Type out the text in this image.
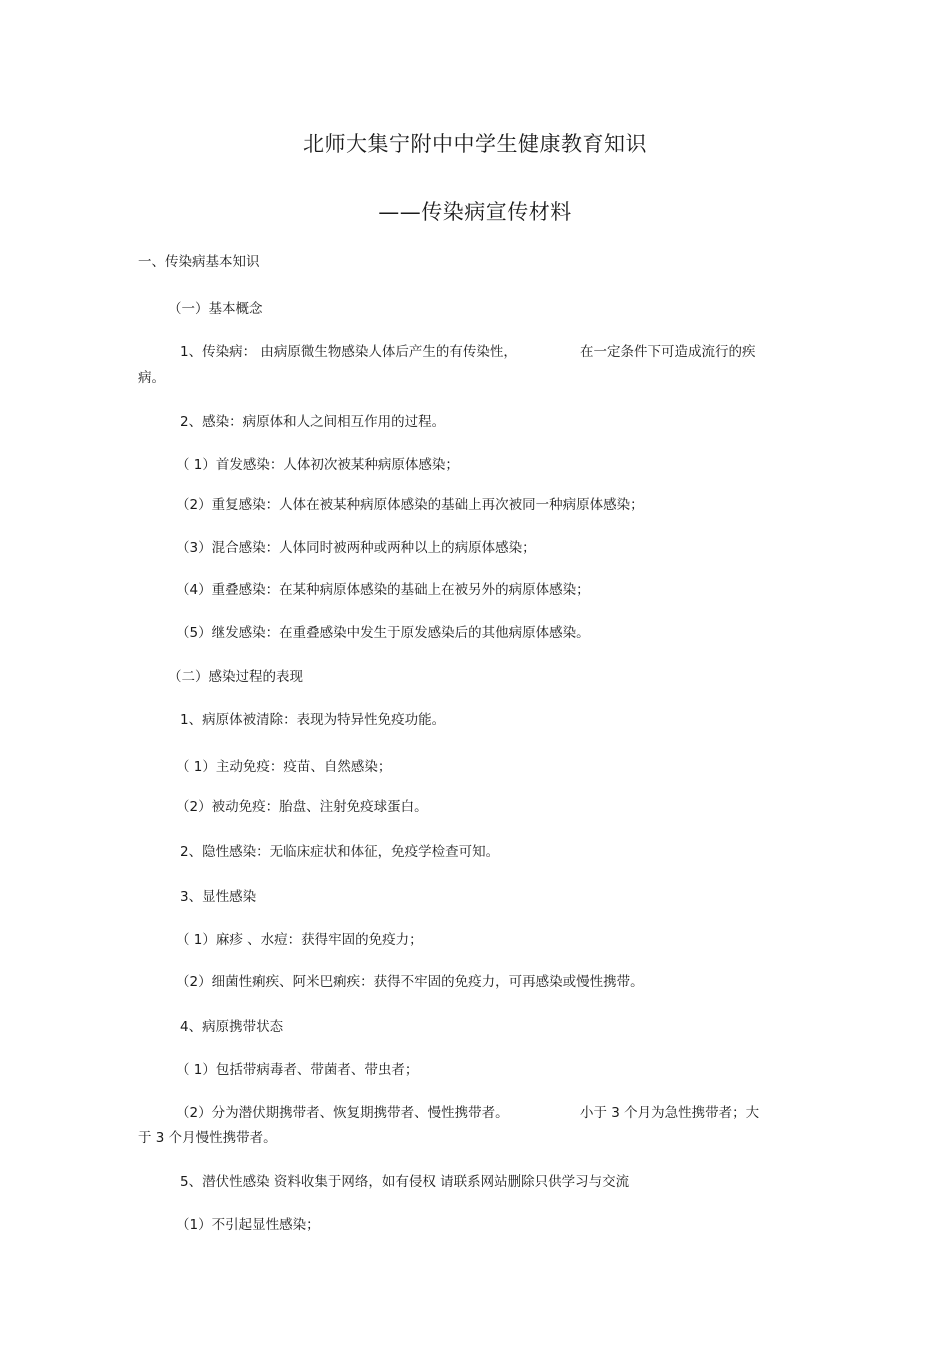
北师大集宁附中中学生健康教育知识
——传染病宣传材料
一、传染病基本知识
（一）基本概念
1、传染病： 由病原微生物感染人体后产生的有传染性，	在一定条件下可造成流行的疾
病。
2、感染：病原体和人之间相互作用的过程。
（ 1）首发感染：人体初次被某种病原体感染；
（2）重复感染：人体在被某种病原体感染的基础上再次被同一种病原体感染；
（3）混合感染：人体同时被两种或两种以上的病原体感染；
（4）重叠感染：在某种病原体感染的基础上在被另外的病原体感染；
（5）继发感染：在重叠感染中发生于原发感染后的其他病原体感染。
（二）感染过程的表现
1、病原体被清除：表现为特异性免疫功能。
（ 1）主动免疫：疫苗、自然感染；
（2）被动免疫：胎盘、注射免疫球蛋白。
2、隐性感染：无临床症状和体征，免疫学检查可知。
3、显性感染
（ 1）麻疹 、水痘：获得牢固的免疫力；
（2）细菌性痢疾、阿米巴痢疾：获得不牢固的免疫力，可再感染或慢性携带。
4、病原携带状态
（ 1）包括带病毒者、带菌者、带虫者；
（2）分为潜伏期携带者、恢复期携带者、慢性携带者。	小于 3 个月为急性携带者；大
于 3 个月慢性携带者。
5、潜伏性感染 资料收集于网络，如有侵权 请联系网站删除只供学习与交流
（1）不引起显性感染；
